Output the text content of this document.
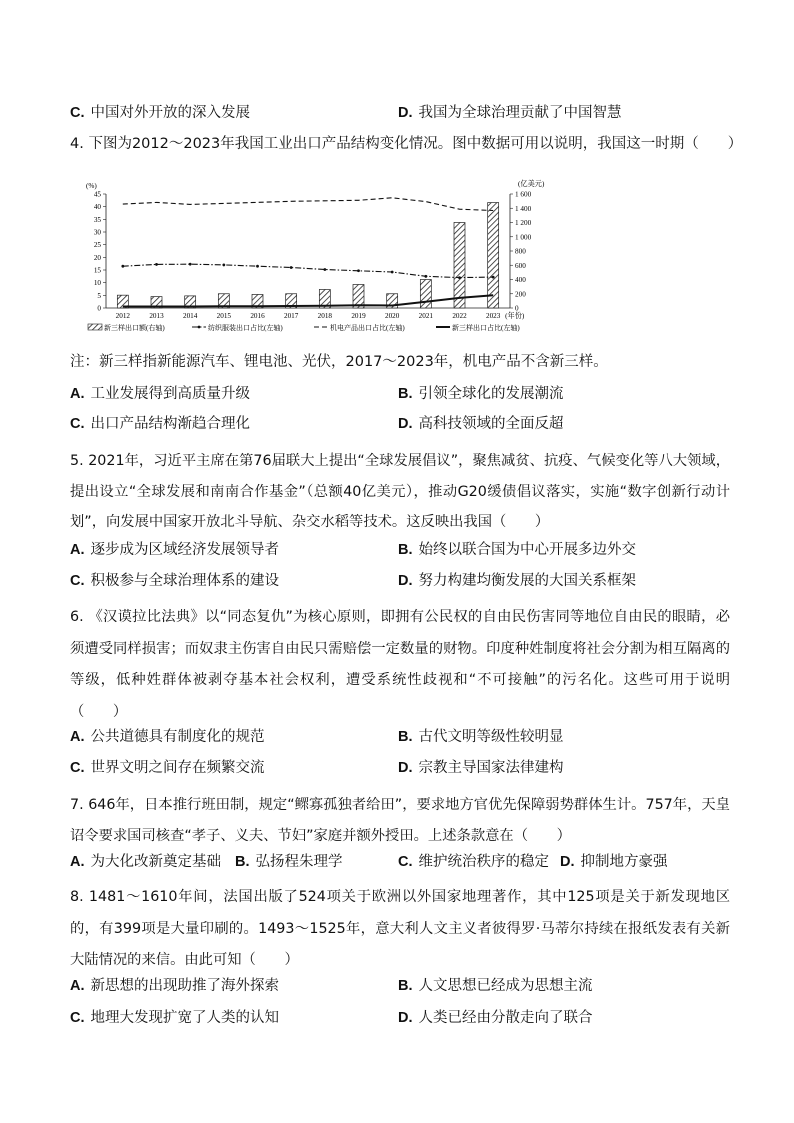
C. 中国对外开放的深入发展	D. 我国为全球治理贡献了中国智慧
4. 下图为2012～2023年我国工业出口产品结构变化情况。图中数据可用以说明，我国这一时期（　　）
(%)	(亿美元)
0
5
10
15
20
25
30
35
40
45
0
200
400
600
800
1 000
1 200
1 400
1 600
2012	2013	2014	2015	2016	2017	2018	2019	2020	2021	2022	2023 (年份)
新三样出口额(右轴)	纺织服装出口占比(左轴)	机电产品出口占比(左轴)	新三样出口占比(左轴)
注：新三样指新能源汽车、锂电池、光伏，2017～2023年，机电产品不含新三样。
A. 工业发展得到高质量升级	B. 引领全球化的发展潮流
C. 出口产品结构渐趋合理化	D. 高科技领域的全面反超
5. 2021年，习近平主席在第76届联大上提出“全球发展倡议”，聚焦减贫、抗疫、气候变化等八大领域，提出设立“全球发展和南南合作基金”（总额40亿美元），推动G20缓债倡议落实，实施“数字创新行动计划”，向发展中国家开放北斗导航、杂交水稻等技术。这反映出我国（　　）
A. 逐步成为区域经济发展领导者	B. 始终以联合国为中心开展多边外交
C. 积极参与全球治理体系的建设	D. 努力构建均衡发展的大国关系框架
6. 《汉谟拉比法典》以“同态复仇”为核心原则，即拥有公民权的自由民伤害同等地位自由民的眼睛，必须遭受同样损害；而奴隶主伤害自由民只需赔偿一定数量的财物。印度种姓制度将社会分割为相互隔离的等级，低种姓群体被剥夺基本社会权利，遭受系统性歧视和“不可接触”的污名化。这些可用于说明（　　）
A. 公共道德具有制度化的规范	B. 古代文明等级性较明显
C. 世界文明之间存在频繁交流	D. 宗教主导国家法律建构
7. 646年，日本推行班田制，规定“鳏寡孤独者给田”，要求地方官优先保障弱势群体生计。757年，天皇诏令要求国司核查“孝子、义夫、节妇”家庭并额外授田。上述条款意在（　　）
A. 为大化改新奠定基础 B. 弘扬程朱理学	C. 维护统治秩序的稳定 D. 抑制地方豪强
8. 1481～1610年间，法国出版了524项关于欧洲以外国家地理著作，其中125项是关于新发现地区的，有399项是大量印刷的。1493～1525年，意大利人文主义者彼得罗·马蒂尔持续在报纸发表有关新大陆情况的来信。由此可知（　　）
A. 新思想的出现助推了海外探索	B. 人文思想已经成为思想主流
C. 地理大发现扩宽了人类的认知	D. 人类已经由分散走向了联合
